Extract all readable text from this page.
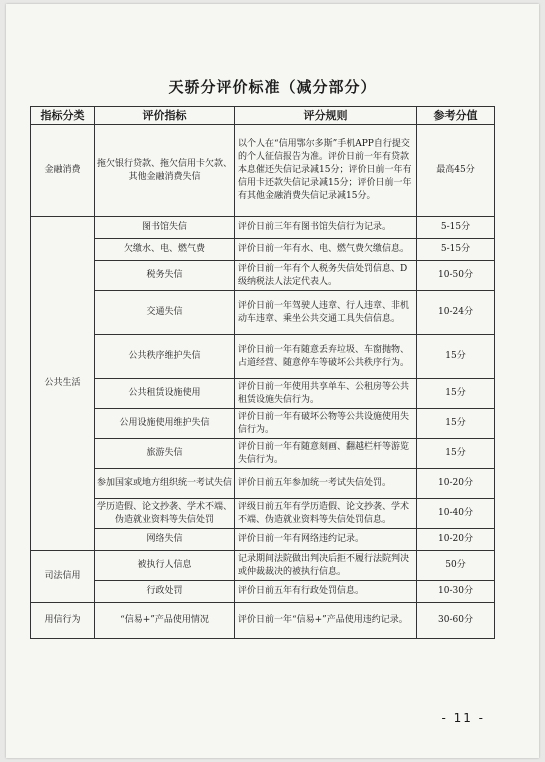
天骄分评价标准（减分部分）
指标分类	评价指标	评分规则	参考分值
金融消费	拖欠银行贷款、拖欠信用卡欠款、其他金融消费失信	以个人在“信用鄂尔多斯”手机APP自行提交的个人征信报告为准。评价日前一年有贷款本息催还失信记录减15分；评价日前一年有信用卡还款失信记录减15分；评价日前一年有其他金融消费失信记录减15分。	最高45分
公共生活	图书馆失信	评价日前三年有图书馆失信行为记录。	5-15分
	欠缴水、电、燃气费	评价日前一年有水、电、燃气费欠缴信息。	5-15分
	税务失信	评价日前一年有个人税务失信处罚信息、D级纳税法人法定代表人。	10-50分
	交通失信	评价日前一年驾驶人违章、行人违章、非机动车违章、乘坐公共交通工具失信信息。	10-24分
	公共秩序维护失信	评价日前一年有随意丢弃垃圾、车窗抛物、占道经营、随意停车等破坏公共秩序行为。	15分
	公共租赁设施使用	评价日前一年使用共享单车、公租房等公共租赁设施失信行为。	15分
	公用设施使用维护失信	评价日前一年有破坏公物等公共设施使用失信行为。	15分
	旅游失信	评价日前一年有随意刻画、翻越栏杆等游览失信行为。	15分
	参加国家或地方组织统一考试失信	评价日前五年参加统一考试失信处罚。	10-20分
	学历造假、论文抄袭、学术不端、伪造就业资料等失信处罚	评级日前五年有学历造假、论文抄袭、学术不端、伪造就业资料等失信处罚信息。	10-40分
	网络失信	评价日前一年有网络违约记录。	10-20分
司法信用	被执行人信息	记录期间法院做出判决后拒不履行法院判决或仲裁裁决的被执行信息。	50分
	行政处罚	评价日前五年有行政处罚信息。	10-30分
用信行为	“信易+”产品使用情况	评价日前一年“信易+”产品使用违约记录。	30-60分
- 11 -
